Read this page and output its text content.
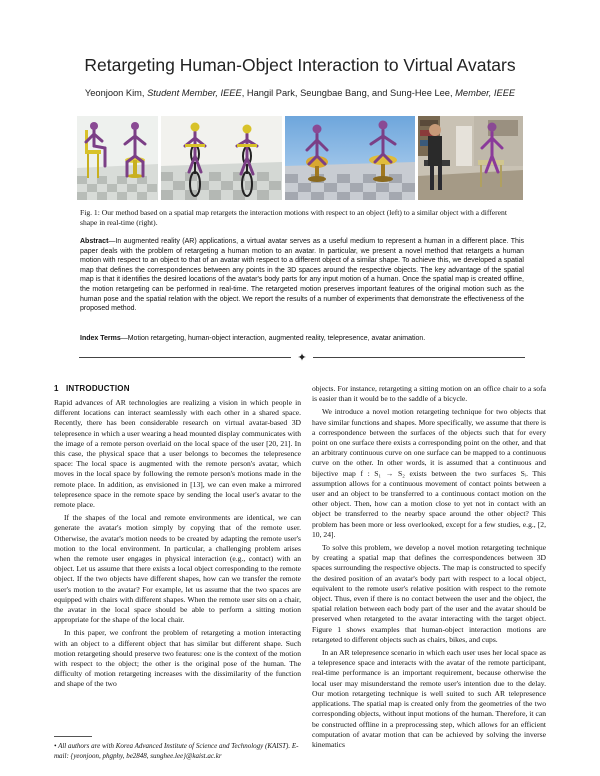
Retargeting Human-Object Interaction to Virtual Avatars
Yeonjoon Kim, Student Member, IEEE, Hangil Park, Seungbae Bang, and Sung-Hee Lee, Member, IEEE
Fig. 1: Our method based on a spatial map retargets the interaction motions with respect to an object (left) to a similar object with a different shape in real-time (right).
Abstract—In augmented reality (AR) applications, a virtual avatar serves as a useful medium to represent a human in a different place. This paper deals with the problem of retargeting a human motion to an avatar. In particular, we present a novel method that retargets a human motion with respect to an object to that of an avatar with respect to a different object of a similar shape. To achieve this, we developed a spatial map that defines the correspondences between any points in the 3D spaces around the respective objects. The key advantage of the spatial map is that it identifies the desired locations of the avatar's body parts for any input motion of a human. Once the spatial map is created offline, the motion retargeting can be performed in real-time. The retargeted motion preserves important features of the original motion such as the human pose and the spatial relation with the object. We report the results of a number of experiments that demonstrate the effectiveness of the proposed method.
Index Terms—Motion retargeting, human-object interaction, augmented reality, telepresence, avatar animation.
✦
1 INTRODUCTION

Rapid advances of AR technologies are realizing a vision in which people in different locations can interact seamlessly with each other in a shared space. Recently, there has been considerable research on virtual avatar-based 3D telepresence in which a user wearing a head mounted display communicates with the image of a remote person overlaid on the local space of the user [20, 21]. In this case, the physical space that a user belongs to becomes the telepresence space: The local space is augmented with the remote person's avatar, which moves in the local space by following the remote person's motions made in the remote place. In addition, as envisioned in [13], we can even make a mirrored telepresence space in the remote space by sending the local user's avatar to the remote place.

If the shapes of the local and remote environments are identical, we can generate the avatar's motion simply by copying that of the remote user. Otherwise, the avatar's motion needs to be created by adapting the remote user's motion to the local environment. In particular, a challenging problem arises when the remote user engages in physical interaction (e.g., contact) with an object. Let us assume that there exists a local object corresponding to the remote object. If the two objects have different shapes, how can we transfer the remote user's motion to the avatar? For example, let us assume that the two spaces are equipped with chairs with different shapes. When the remote user sits on a chair, the avatar in the local space should be able to perform a sitting motion appropriate for the shape of the local chair.

In this paper, we confront the problem of retargeting a motion interacting with an object to a different object that has similar but different shape. Such motion retargeting should preserve two features: one is the context of the motion with respect to the object; the other is the original pose of the human. The difficulty of motion retargeting increases with the dissimilarity of the function and shape of the two

objects. For instance, retargeting a sitting motion on an office chair to a sofa is easier than it would be to the saddle of a bicycle.

We introduce a novel motion retargeting technique for two objects that have similar functions and shapes. More specifically, we assume that there is a correspondence between the surfaces of the objects such that for every point on one surface there exists a corresponding point on the other, and that an arbitrary continuous curve on one surface can be mapped to a continuous curve on the other. In other words, it is assumed that a continuous and bijective map f : S₁ → S₂ exists between the two surfaces Sᵢ. This assumption allows for a continuous movement of contact points between a user and an object to be transferred to a continuous contact motion on the other object. Then, how can a motion close to yet not in contact with an object be transferred to the nearby space around the other object? This problem has been more or less overlooked, except for a few studies, e.g., [2, 10, 24].

To solve this problem, we develop a novel motion retargeting technique by creating a spatial map that defines the correspondences between 3D spaces surrounding the respective objects. The map is constructed to specify the desired position of an avatar's body part with respect to a local object, equivalent to the remote user's relative position with respect to the remote object. Thus, even if there is no contact between the user and the object, the spatial relation between each body part of the user and the avatar should be preserved when retargeted to the avatar interacting with the target object. Figure 1 shows examples that human-object interaction motions are retargeted to different objects such as chairs, bikes, and cups.

In an AR telepresence scenario in which each user uses her local space as a telepresence space and interacts with the avatar of the remote participant, real-time performance is an important requirement, because otherwise the local user may misunderstand the remote user's intention due to the delay. Our motion retargeting technique is well suited to such AR telepresence applications. The spatial map is created only from the geometries of the two corresponding objects, without input motions of the human. Therefore, it can be constructed offline in a preprocessing step, which allows for an efficient computation of avatar motion that can be achieved by solving the inverse kinematics

• All authors are with Korea Advanced Institute of Science and Technology (KAIST). E-mail: {yeonjoon, phgphy, be2848, sunghee.lee}@kaist.ac.kr
